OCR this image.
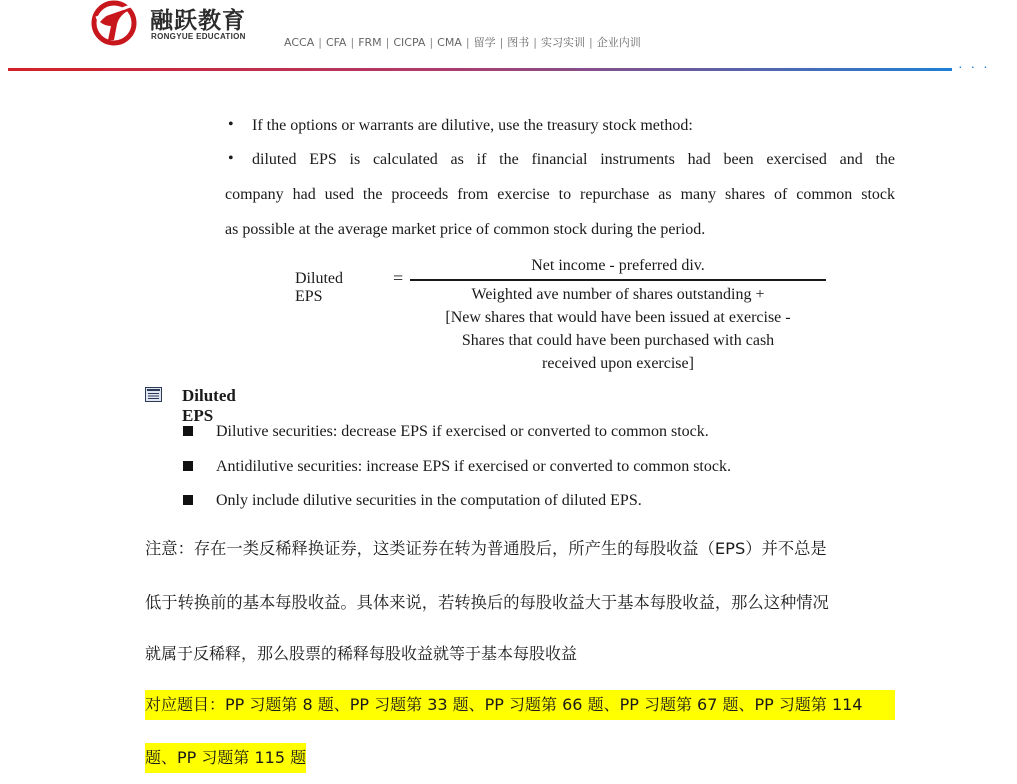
融跃教育
RONGYUE EDUCATION	ACCA | CFA | FRM | CICPA | CMA | 留学 | 图书 | 实习实训 | 企业内训
· · ·
• If the options or warrants are dilutive, use the treasury stock method:
• diluted EPS is calculated as if the financial instruments had been exercised and the
company had used the proceeds from exercise to repurchase as many shares of common stock
as possible at the average market price of common stock during the period.
Diluted EPS
=
Net income - preferred div.
Weighted ave number of shares outstanding +
[New shares that would have been issued at exercise -
Shares that could have been purchased with cash
received upon exercise]
Diluted EPS
Dilutive securities: decrease EPS if exercised or converted to common stock.
Antidilutive securities: increase EPS if exercised or converted to common stock.
Only include dilutive securities in the computation of diluted EPS.
注意：存在一类反稀释换证券，这类证券在转为普通股后，所产生的每股收益（EPS）并不总是
低于转换前的基本每股收益。具体来说，若转换后的每股收益大于基本每股收益，那么这种情况
就属于反稀释，那么股票的稀释每股收益就等于基本每股收益
对应题目：PP 习题第 8 题、PP 习题第 33 题、PP 习题第 66 题、PP 习题第 67 题、PP 习题第 114
题、PP 习题第 115 题
